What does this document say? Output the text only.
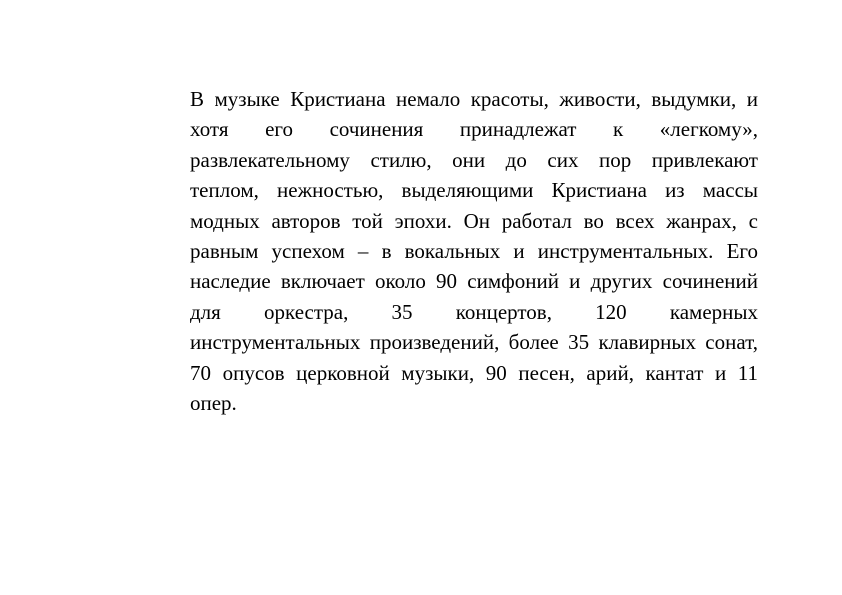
В музыке Кристиана немало красоты, живости, выдумки, и
хотя его сочинения принадлежат к «легкому»,
развлекательному стилю, они до сих пор привлекают
теплом, нежностью, выделяющими Кристиана из массы
модных авторов той эпохи. Он работал во всех жанрах, с
равным успехом – в вокальных и инструментальных. Его
наследие включает около 90 симфоний и других сочинений
для оркестра, 35 концертов, 120 камерных
инструментальных произведений, более 35 клавирных сонат,
70 опусов церковной музыки, 90 песен, арий, кантат и 11
опер.
